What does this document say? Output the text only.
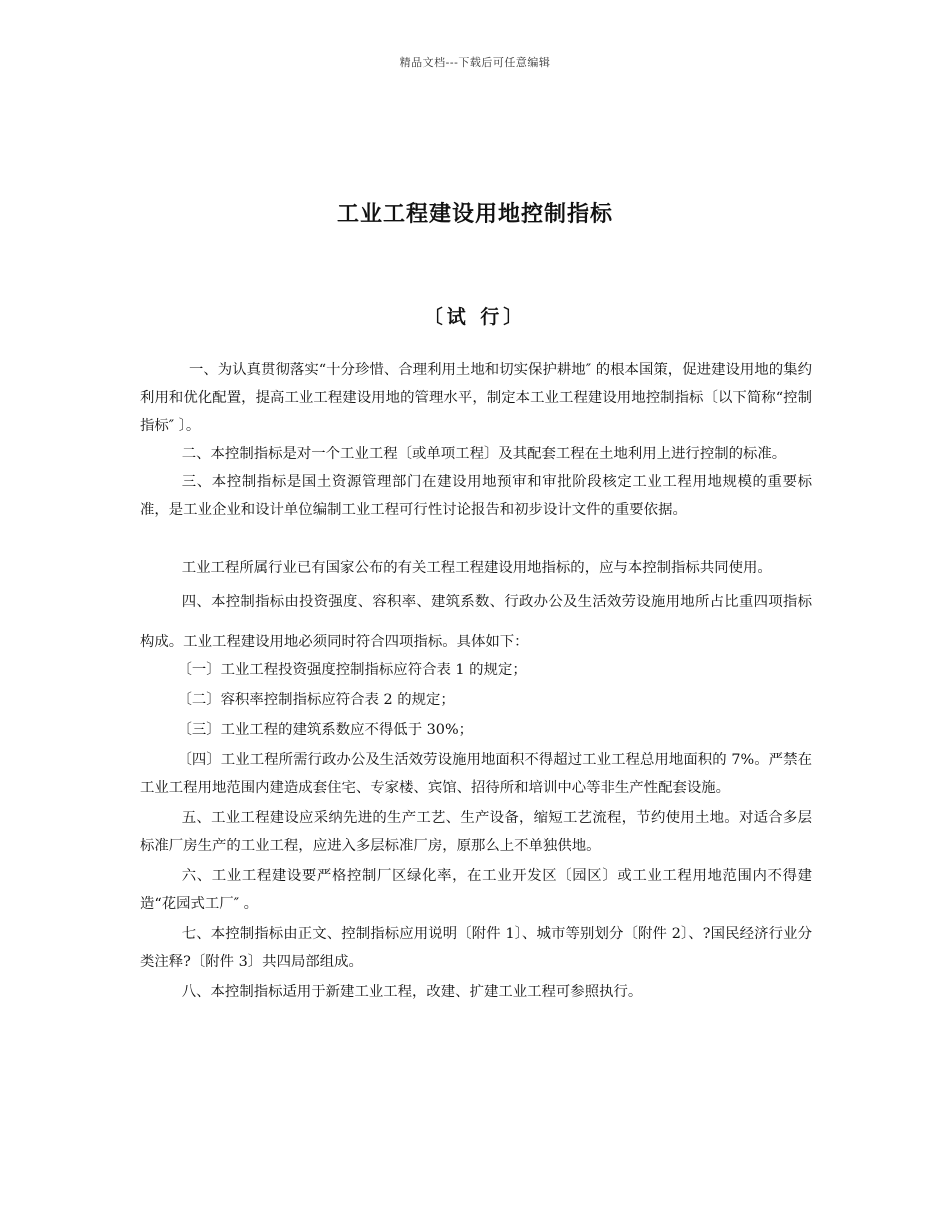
精品文档---下载后可任意编辑
工业工程建设用地控制指标
〔试 行〕

一、为认真贯彻落实“十分珍惜、合理利用土地和切实保护耕地″ 的根本国策，促进建设用地的集约利用和优化配置，提高工业工程建设用地的管理水平，制定本工业工程建设用地控制指标〔以下简称“控制指标″ 〕。

二、本控制指标是对一个工业工程〔或单项工程〕及其配套工程在土地利用上进行控制的标准。

三、本控制指标是国土资源管理部门在建设用地预审和审批阶段核定工业工程用地规模的重要标准，是工业企业和设计单位编制工业工程可行性讨论报告和初步设计文件的重要依据。

工业工程所属行业已有国家公布的有关工程工程建设用地指标的，应与本控制指标共同使用。

四、本控制指标由投资强度、容积率、建筑系数、行政办公及生活效劳设施用地所占比重四项指标构成。工业工程建设用地必须同时符合四项指标。具体如下：

〔一〕工业工程投资强度控制指标应符合表 1 的规定；

〔二〕容积率控制指标应符合表 2 的规定；

〔三〕工业工程的建筑系数应不得低于 30%；

〔四〕工业工程所需行政办公及生活效劳设施用地面积不得超过工业工程总用地面积的 7%。严禁在工业工程用地范围内建造成套住宅、专家楼、宾馆、招待所和培训中心等非生产性配套设施。

五、工业工程建设应采纳先进的生产工艺、生产设备，缩短工艺流程，节约使用土地。对适合多层标准厂房生产的工业工程，应进入多层标准厂房，原那么上不单独供地。

六、工业工程建设要严格控制厂区绿化率，在工业开发区〔园区〕或工业工程用地范围内不得建造“花园式工厂″ 。

七、本控制指标由正文、控制指标应用说明〔附件 1〕、城市等别划分〔附件 2〕、?国民经济行业分类注释?〔附件 3〕共四局部组成。

八、本控制指标适用于新建工业工程，改建、扩建工业工程可参照执行。
